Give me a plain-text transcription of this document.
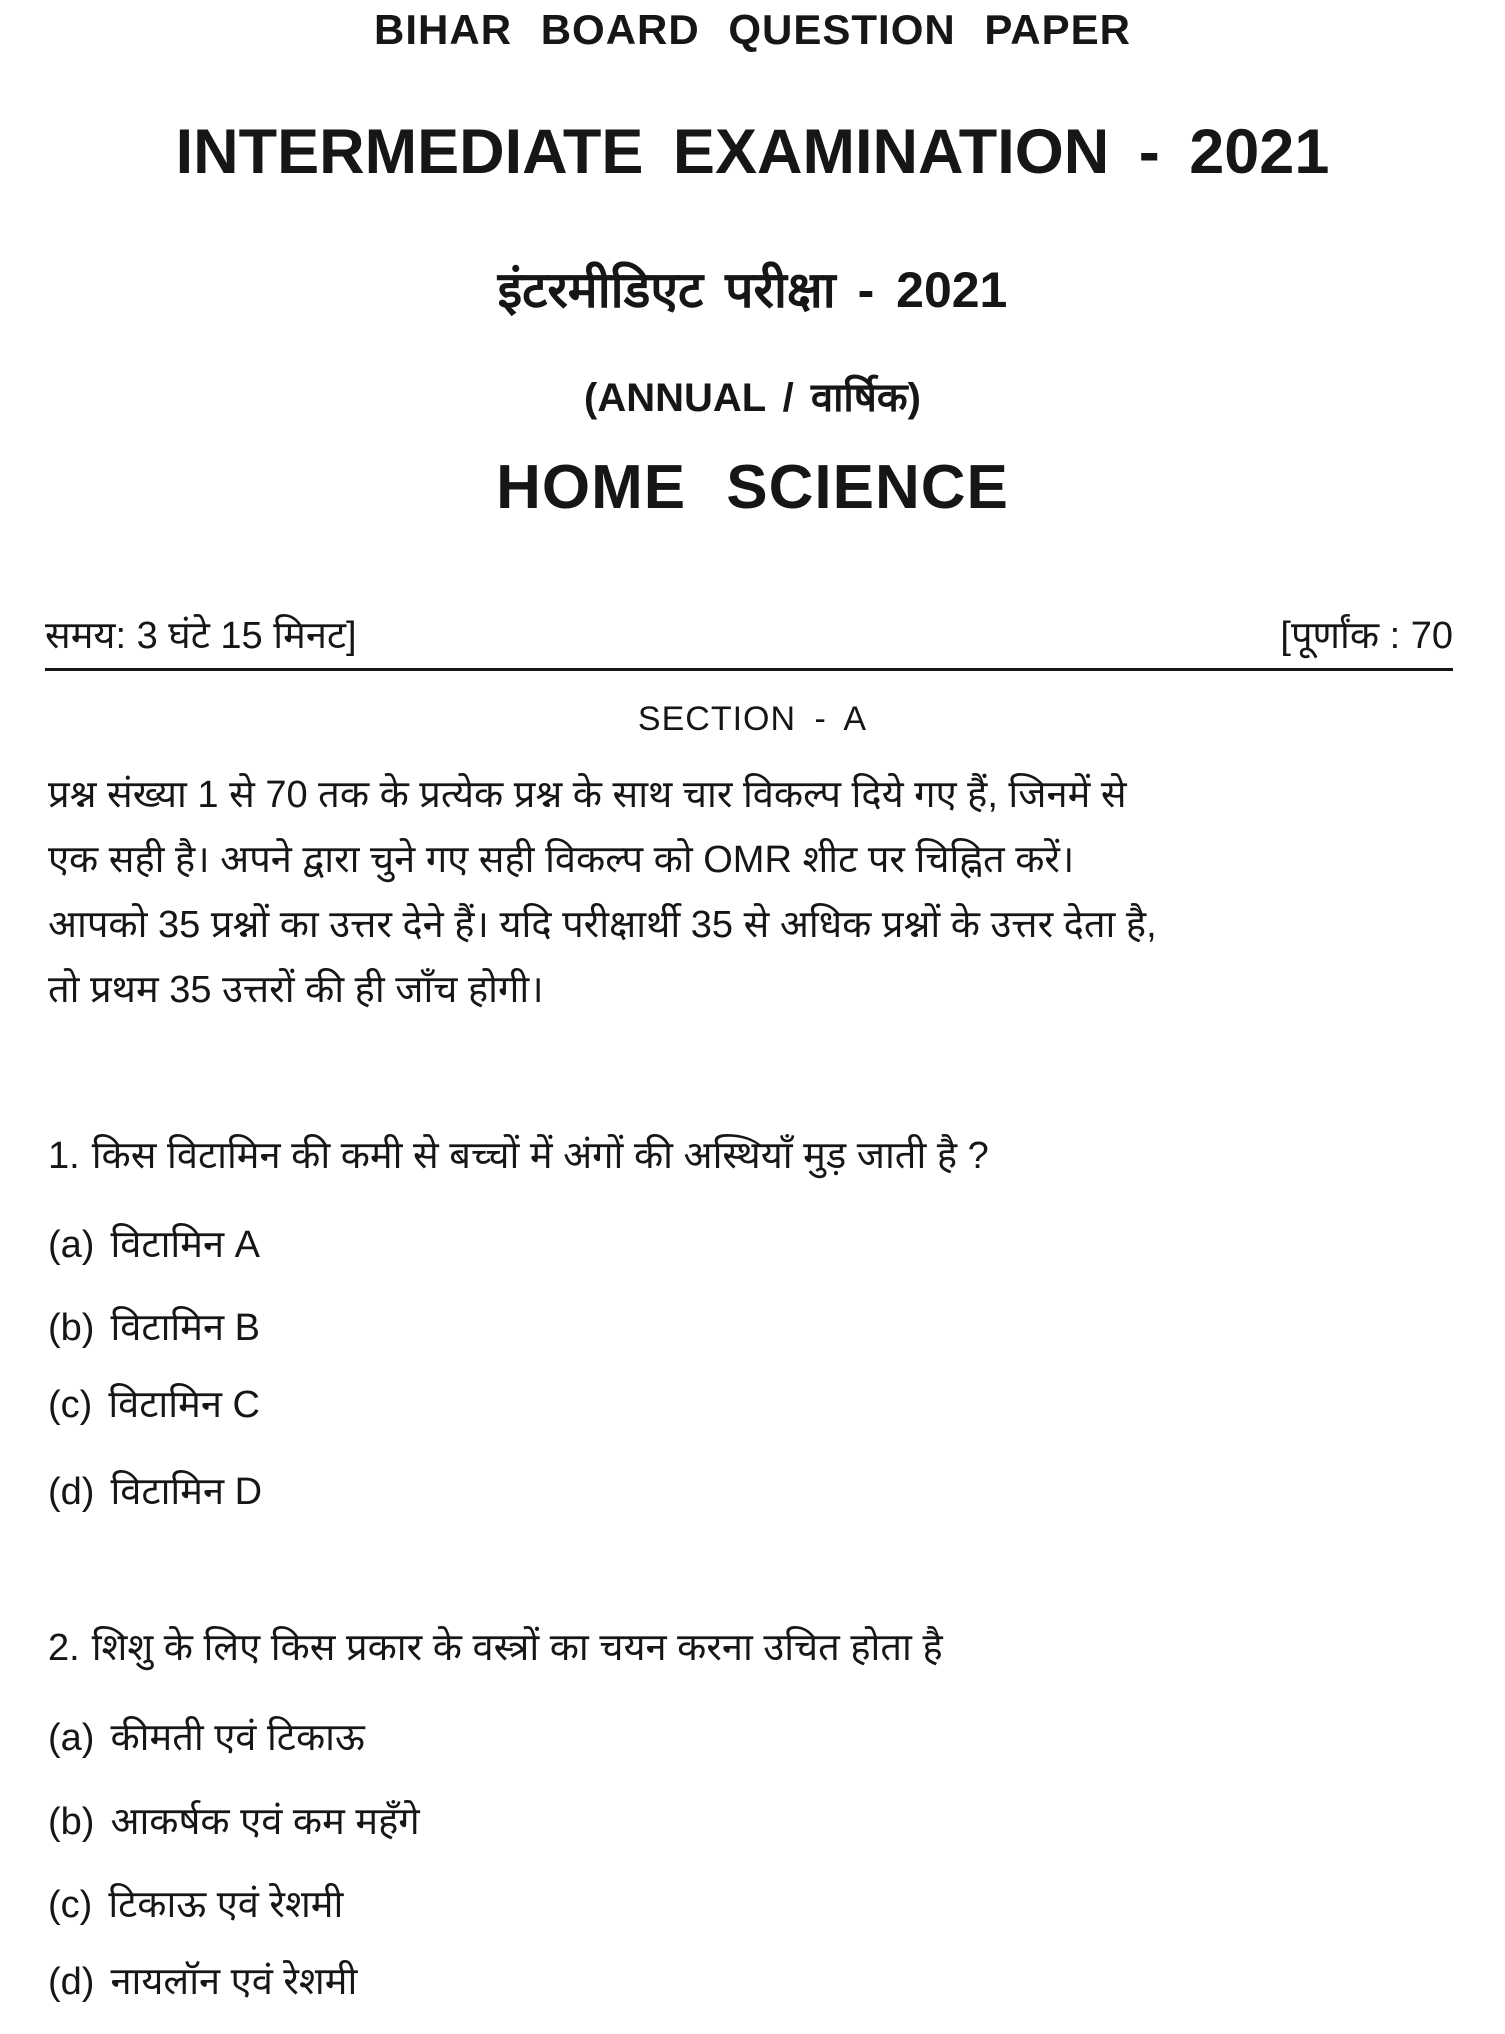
BIHAR BOARD QUESTION PAPER
INTERMEDIATE EXAMINATION - 2021
इंटरमीडिएट परीक्षा - 2021
(ANNUAL / वार्षिक)
HOME SCIENCE
समय: 3 घंटे 15 मिनट]	[पूर्णांक : 70
SECTION - A
प्रश्न संख्या 1 से 70 तक के प्रत्येक प्रश्न के साथ चार विकल्प दिये गए हैं, जिनमें से
एक सही है। अपने द्वारा चुने गए सही विकल्प को OMR शीट पर चिह्नित करें।
आपको 35 प्रश्नों का उत्तर देने हैं। यदि परीक्षार्थी 35 से अधिक प्रश्नों के उत्तर देता है,
तो प्रथम 35 उत्तरों की ही जाँच होगी।
1. किस विटामिन की कमी से बच्चों में अंगों की अस्थियाँ मुड़ जाती है ?
(a) विटामिन A
(b) विटामिन B
(c) विटामिन C
(d) विटामिन D
2. शिशु के लिए किस प्रकार के वस्त्रों का चयन करना उचित होता है
(a) कीमती एवं टिकाऊ
(b) आकर्षक एवं कम महँगे
(c) टिकाऊ एवं रेशमी
(d) नायलॉन एवं रेशमी
